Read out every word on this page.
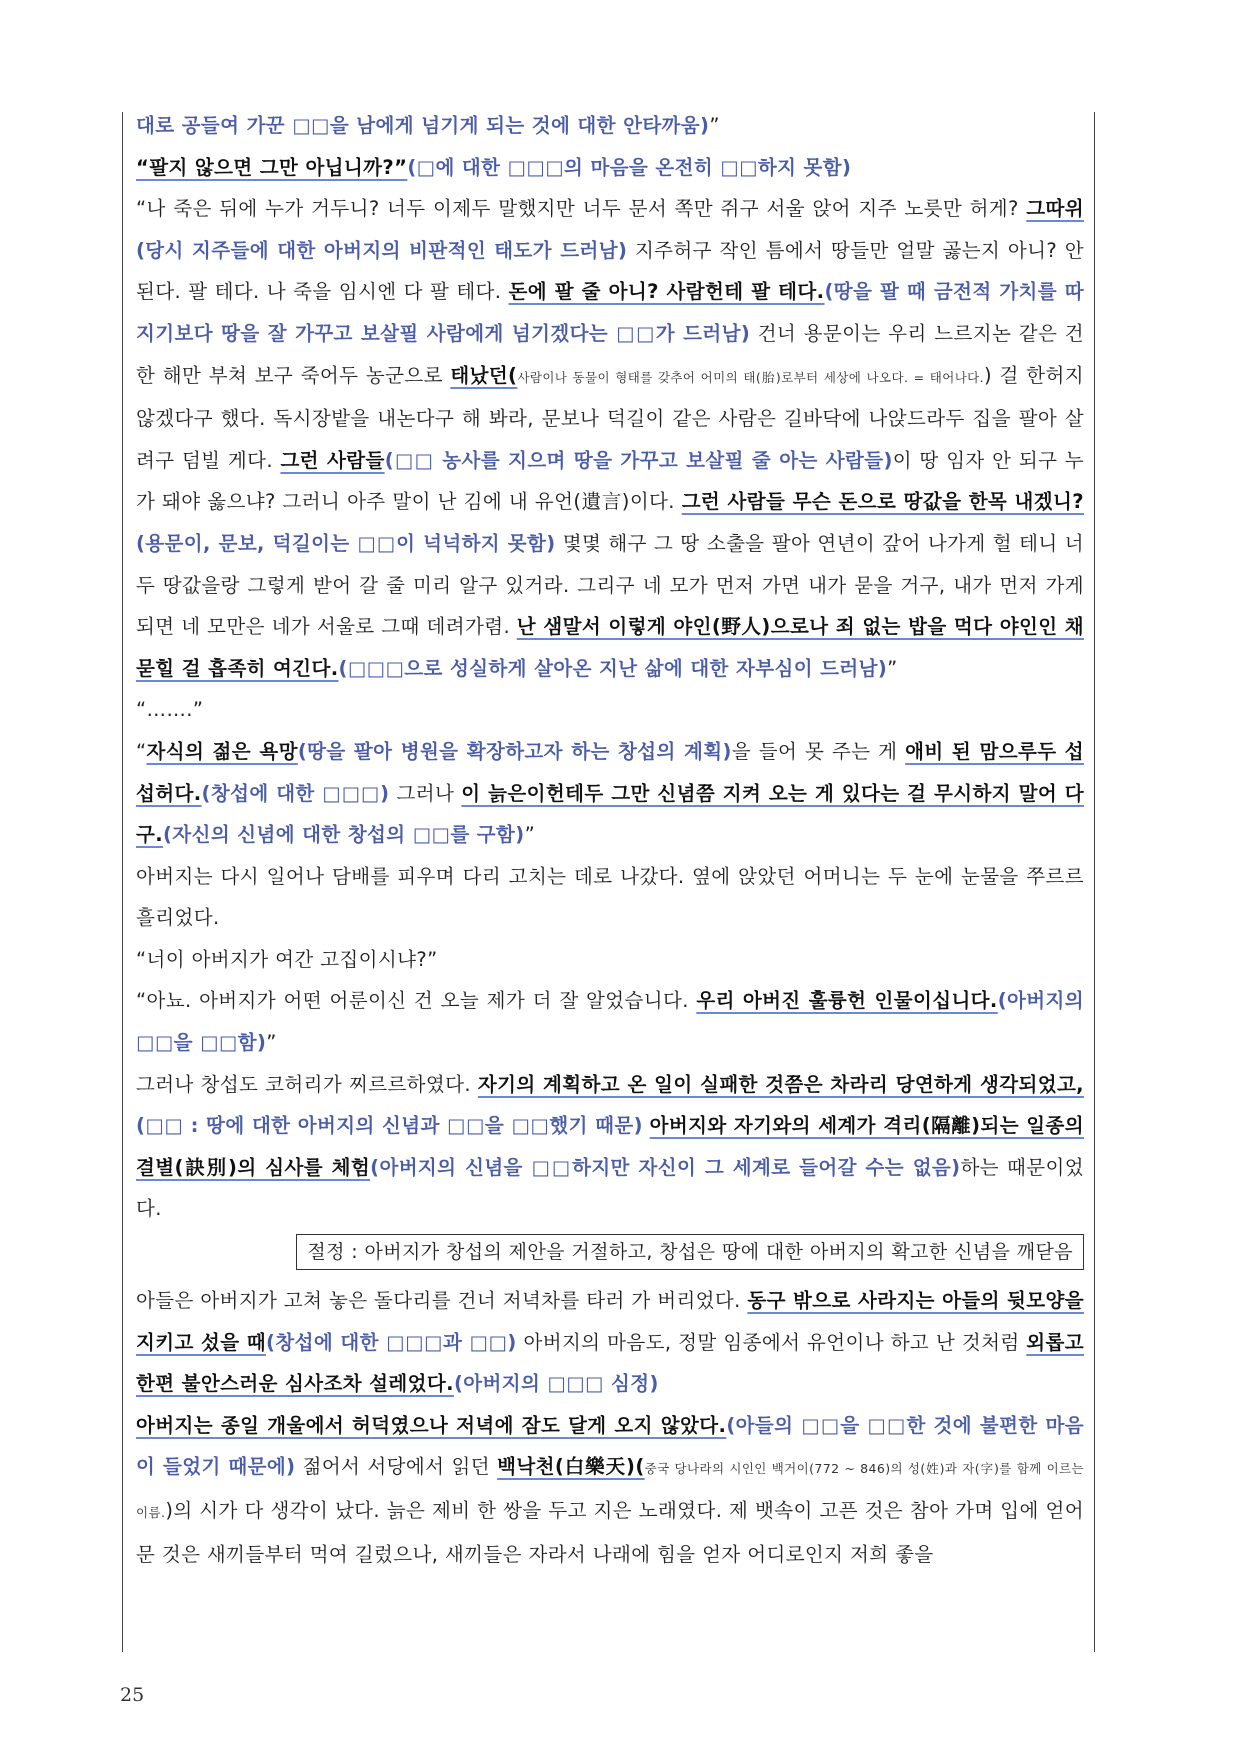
대로 공들여 가꾼 □□을 남에게 넘기게 되는 것에 대한 안타까움)”

“팔지 않으면 그만 아닙니까?”(□에 대한 □□□의 마음을 온전히 □□하지 못함)

“나 죽은 뒤에 누가 거두니? 너두 이제두 말했지만 너두 문서 쪽만 쥐구 서울 앉어 지주 노릇만 허게? 그따위(당시 지주들에 대한 아버지의 비판적인 태도가 드러남) 지주허구 작인 틈에서 땅들만 얼말 곯는지 아니? 안 된다. 팔 테다. 나 죽을 임시엔 다 팔 테다. 돈에 팔 줄 아니? 사람헌테 팔 테다.(땅을 팔 때 금전적 가치를 따지기보다 땅을 잘 가꾸고 보살필 사람에게 넘기겠다는 □□가 드러남) 건너 용문이는 우리 느르지논 같은 건 한 해만 부쳐 보구 죽어두 농군으로 태났던(사람이나 동물이 형태를 갖추어 어미의 태(胎)로부터 세상에 나오다. = 태어나다.) 걸 한허지 않겠다구 했다. 독시장밭을 내논다구 해 봐라, 문보나 덕길이 같은 사람은 길바닥에 나앉드라두 집을 팔아 살려구 덤빌 게다. 그런 사람들(□□ 농사를 지으며 땅을 가꾸고 보살필 줄 아는 사람들)이 땅 임자 안 되구 누가 돼야 옳으냐? 그러니 아주 말이 난 김에 내 유언(遺言)이다. 그런 사람들 무슨 돈으로 땅값을 한목 내겠니?(용문이, 문보, 덕길이는 □□이 넉넉하지 못함) 몇몇 해구 그 땅 소출을 팔아 연년이 갚어 나가게 헐 테니 너두 땅값을랑 그렇게 받어 갈 줄 미리 알구 있거라. 그리구 네 모가 먼저 가면 내가 묻을 거구, 내가 먼저 가게 되면 네 모만은 네가 서울로 그때 데려가렴. 난 샘말서 이렇게 야인(野人)으로나 죄 없는 밥을 먹다 야인인 채 묻힐 걸 흡족히 여긴다.(□□□으로 성실하게 살아온 지난 삶에 대한 자부심이 드러남)”

“…….”

“자식의 젊은 욕망(땅을 팔아 병원을 확장하고자 하는 창섭의 계획)을 들어 못 주는 게 애비 된 맘으루두 섭섭허다.(창섭에 대한 □□□) 그러나 이 늙은이헌테두 그만 신념쯤 지켜 오는 게 있다는 걸 무시하지 말어 다구.(자신의 신념에 대한 창섭의 □□를 구함)”

아버지는 다시 일어나 담배를 피우며 다리 고치는 데로 나갔다. 옆에 앉았던 어머니는 두 눈에 눈물을 쭈르르 흘리었다.

“너이 아버지가 여간 고집이시냐?”

“아뇨. 아버지가 어떤 어룬이신 건 오늘 제가 더 잘 알었습니다. 우리 아버진 훌륭헌 인물이십니다.(아버지의 □□을 □□함)”

그러나 창섭도 코허리가 찌르르하였다. 자기의 계획하고 온 일이 실패한 것쯤은 차라리 당연하게 생각되었고,(□□ : 땅에 대한 아버지의 신념과 □□을 □□했기 때문) 아버지와 자기와의 세계가 격리(隔離)되는 일종의 결별(訣別)의 심사를 체험(아버지의 신념을 □□하지만 자신이 그 세계로 들어갈 수는 없음)하는 때문이었다.

절정 : 아버지가 창섭의 제안을 거절하고, 창섭은 땅에 대한 아버지의 확고한 신념을 깨닫음

아들은 아버지가 고쳐 놓은 돌다리를 건너 저녁차를 타러 가 버리었다. 동구 밖으로 사라지는 아들의 뒷모양을 지키고 섰을 때(창섭에 대한 □□□과 □□) 아버지의 마음도, 정말 임종에서 유언이나 하고 난 것처럼 외롭고 한편 불안스러운 심사조차 설레었다.(아버지의 □□□ 심정)

아버지는 종일 개울에서 허덕였으나 저녁에 잠도 달게 오지 않았다.(아들의 □□을 □□한 것에 불편한 마음이 들었기 때문에) 젊어서 서당에서 읽던 백낙천(白樂天)(중국 당나라의 시인인 백거이(772 ~ 846)의 성(姓)과 자(字)를 함께 이르는 이름.)의 시가 다 생각이 났다. 늙은 제비 한 쌍을 두고 지은 노래였다. 제 뱃속이 고픈 것은 참아 가며 입에 얻어 문 것은 새끼들부터 먹여 길렀으나, 새끼들은 자라서 나래에 힘을 얻자 어디로인지 저희 좋을

25
